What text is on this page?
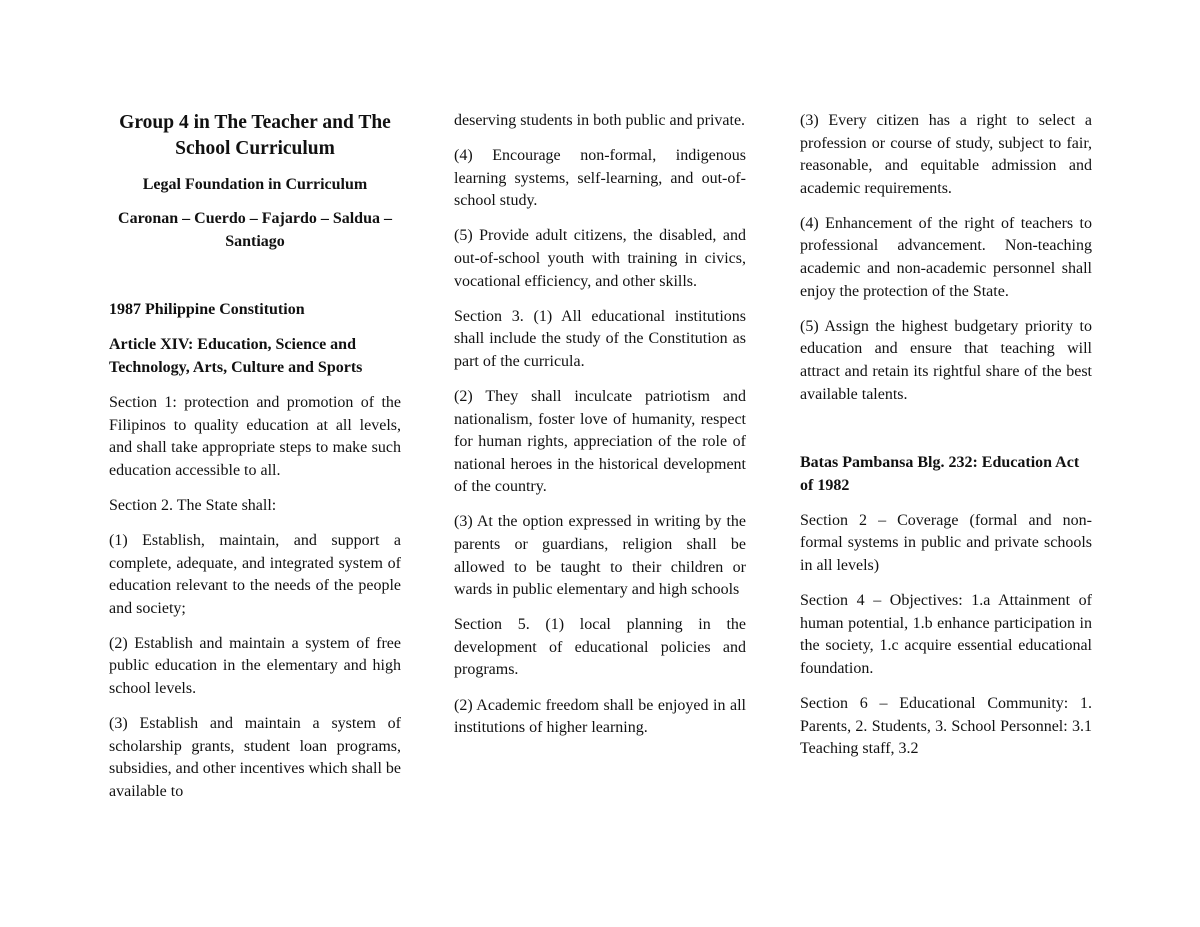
Group 4 in The Teacher and The School Curriculum
Legal Foundation in Curriculum
Caronan – Cuerdo – Fajardo – Saldua – Santiago

1987 Philippine Constitution

Article XIV: Education, Science and Technology, Arts, Culture and Sports

Section 1: protection and promotion of the Filipinos to quality education at all levels, and shall take appropriate steps to make such education accessible to all.

Section 2. The State shall:

(1) Establish, maintain, and support a complete, adequate, and integrated system of education relevant to the needs of the people and society;

(2) Establish and maintain a system of free public education in the elementary and high school levels.

(3) Establish and maintain a system of scholarship grants, student loan programs, subsidies, and other incentives which shall be available to

deserving students in both public and private.

(4) Encourage non-formal, indigenous learning systems, self-learning, and out-of-school study.

(5) Provide adult citizens, the disabled, and out-of-school youth with training in civics, vocational efficiency, and other skills.

Section 3. (1) All educational institutions shall include the study of the Constitution as part of the curricula.

(2) They shall inculcate patriotism and nationalism, foster love of humanity, respect for human rights, appreciation of the role of national heroes in the historical development of the country.

(3) At the option expressed in writing by the parents or guardians, religion shall be allowed to be taught to their children or wards in public elementary and high schools

Section 5. (1) local planning in the development of educational policies and programs.

(2) Academic freedom shall be enjoyed in all institutions of higher learning.

(3) Every citizen has a right to select a profession or course of study, subject to fair, reasonable, and equitable admission and academic requirements.

(4) Enhancement of the right of teachers to professional advancement. Non-teaching academic and non-academic personnel shall enjoy the protection of the State.

(5) Assign the highest budgetary priority to education and ensure that teaching will attract and retain its rightful share of the best available talents.

Batas Pambansa Blg. 232: Education Act of 1982

Section 2 – Coverage (formal and non-formal systems in public and private schools in all levels)

Section 4 – Objectives: 1.a Attainment of human potential, 1.b enhance participation in the society, 1.c acquire essential educational foundation.

Section 6 – Educational Community: 1. Parents, 2. Students, 3. School Personnel: 3.1 Teaching staff, 3.2
